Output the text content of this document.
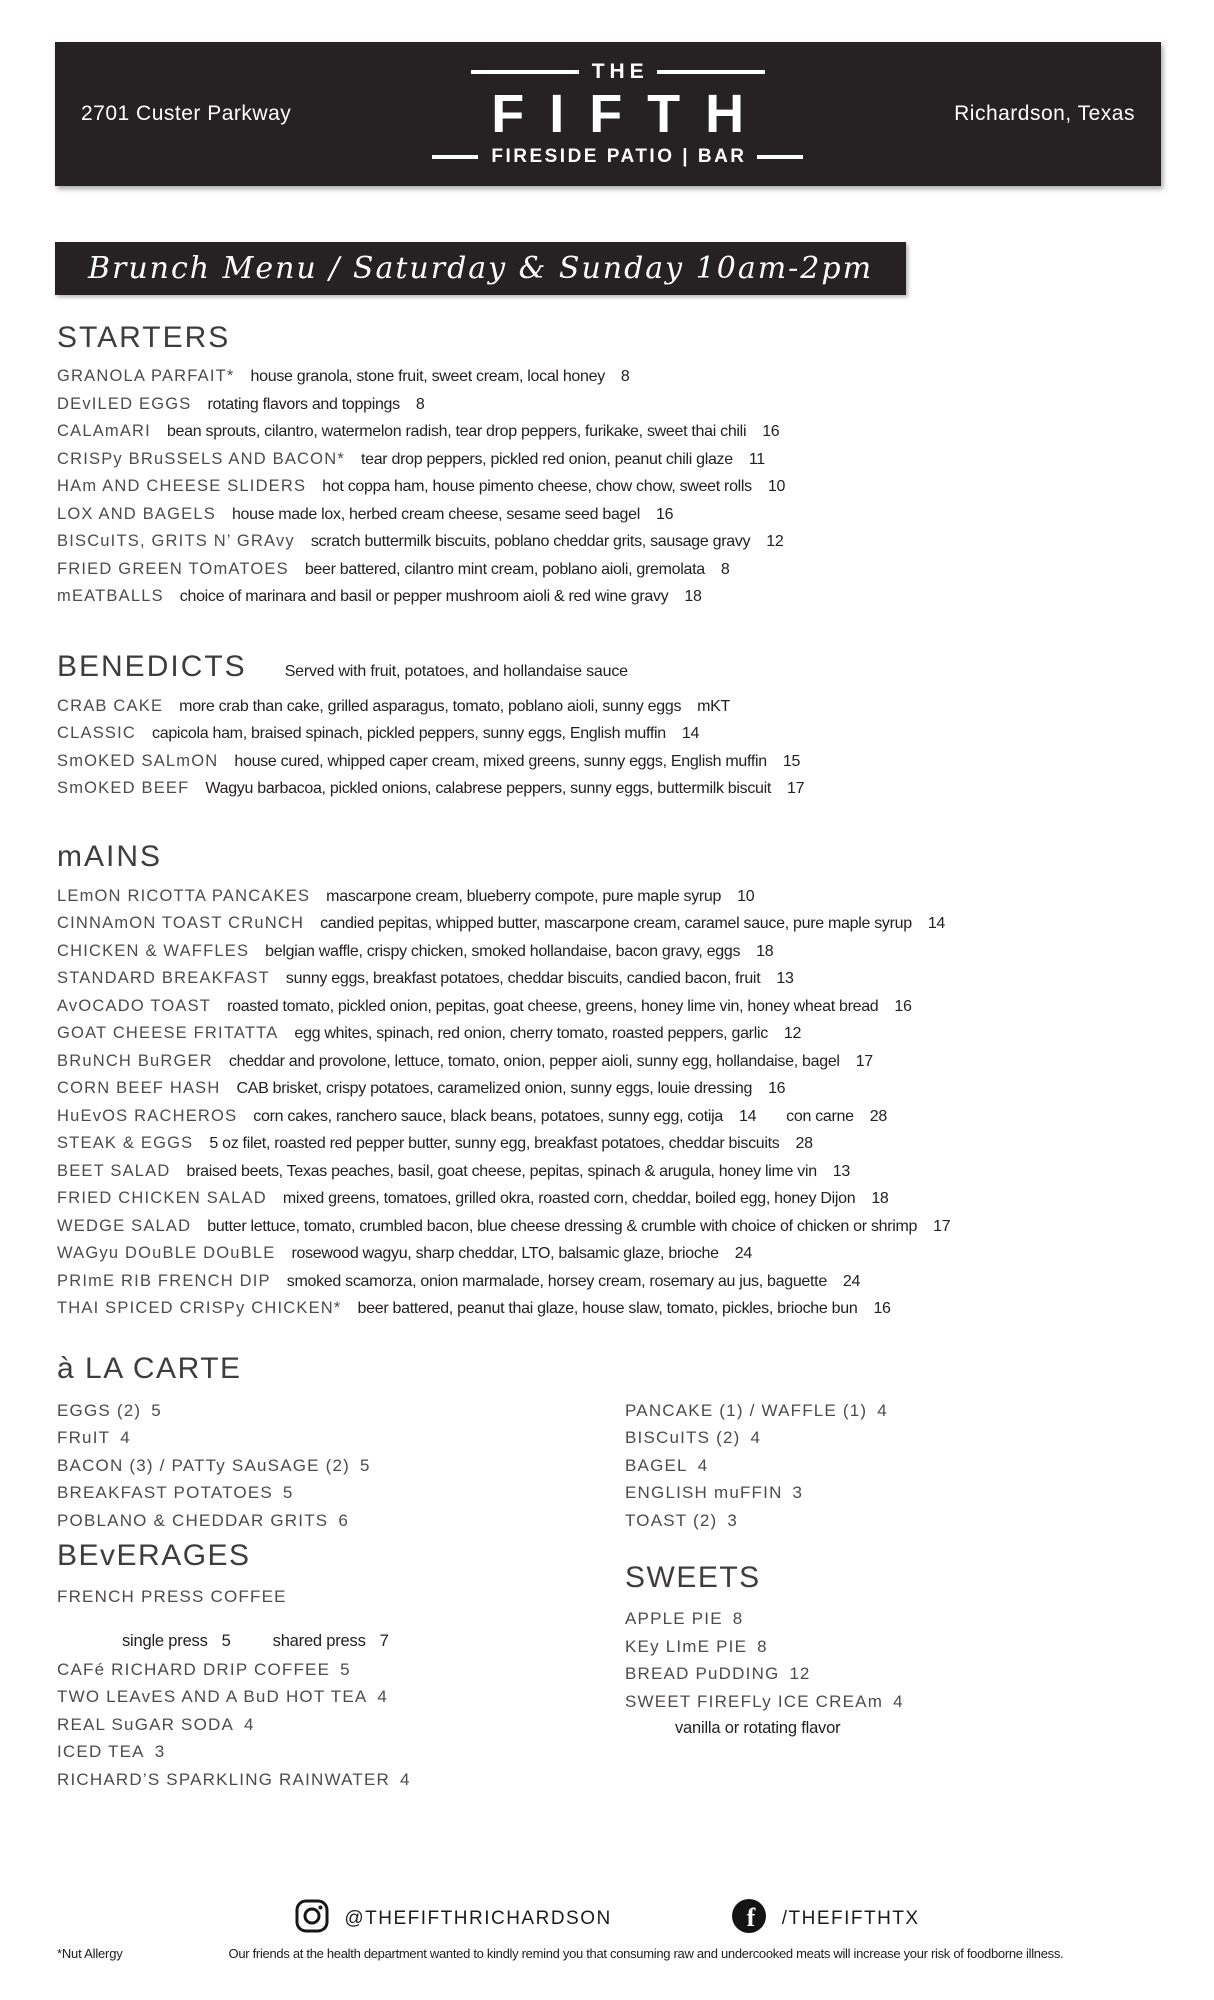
2701 Custer Parkway
THE
FIFTH
FIRESIDE PATIO | BAR
Richardson, Texas
Brunch Menu / Saturday & Sunday 10am-2pm
STARTERS
GRANOLA PARFAIT* house granola, stone fruit, sweet cream, local honey 8
DEvILED EGGS rotating flavors and toppings 8
CALAmARI bean sprouts, cilantro, watermelon radish, tear drop peppers, furikake, sweet thai chili 16
CRISPy BRuSSELS AND BACON* tear drop peppers, pickled red onion, peanut chili glaze 11
HAm AND CHEESE SLIDERS hot coppa ham, house pimento cheese, chow chow, sweet rolls 10
LOX AND BAGELS house made lox, herbed cream cheese, sesame seed bagel 16
BISCuITS, GRITS N’ GRAvy scratch buttermilk biscuits, poblano cheddar grits, sausage gravy 12
FRIED GREEN TOmATOES beer battered, cilantro mint cream, poblano aioli, gremolata 8
mEATBALLS choice of marinara and basil or pepper mushroom aioli & red wine gravy 18
BENEDICTS Served with fruit, potatoes, and hollandaise sauce
CRAB CAKE more crab than cake, grilled asparagus, tomato, poblano aioli, sunny eggs mKT
CLASSIC capicola ham, braised spinach, pickled peppers, sunny eggs, English muffin 14
SmOKED SALmON house cured, whipped caper cream, mixed greens, sunny eggs, English muffin 15
SmOKED BEEF Wagyu barbacoa, pickled onions, calabrese peppers, sunny eggs, buttermilk biscuit 17
mAINS
LEmON RICOTTA PANCAKES mascarpone cream, blueberry compote, pure maple syrup 10
CINNAmON TOAST CRuNCH candied pepitas, whipped butter, mascarpone cream, caramel sauce, pure maple syrup 14
CHICKEN & WAFFLES belgian waffle, crispy chicken, smoked hollandaise, bacon gravy, eggs 18
STANDARD BREAKFAST sunny eggs, breakfast potatoes, cheddar biscuits, candied bacon, fruit 13
AvOCADO TOAST roasted tomato, pickled onion, pepitas, goat cheese, greens, honey lime vin, honey wheat bread 16
GOAT CHEESE FRITATTA egg whites, spinach, red onion, cherry tomato, roasted peppers, garlic 12
BRuNCH BuRGER cheddar and provolone, lettuce, tomato, onion, pepper aioli, sunny egg, hollandaise, bagel 17
CORN BEEF HASH CAB brisket, crispy potatoes, caramelized onion, sunny eggs, louie dressing 16
HuEvOS RACHEROS corn cakes, ranchero sauce, black beans, potatoes, sunny egg, cotija 14 con carne 28
STEAK & EGGS 5 oz filet, roasted red pepper butter, sunny egg, breakfast potatoes, cheddar biscuits 28
BEET SALAD braised beets, Texas peaches, basil, goat cheese, pepitas, spinach & arugula, honey lime vin 13
FRIED CHICKEN SALAD mixed greens, tomatoes, grilled okra, roasted corn, cheddar, boiled egg, honey Dijon 18
WEDGE SALAD butter lettuce, tomato, crumbled bacon, blue cheese dressing & crumble with choice of chicken or shrimp 17
WAGyu DOuBLE DOuBLE rosewood wagyu, sharp cheddar, LTO, balsamic glaze, brioche 24
PRImE RIB FRENCH DIP smoked scamorza, onion marmalade, horsey cream, rosemary au jus, baguette 24
THAI SPICED CRISPy CHICKEN* beer battered, peanut thai glaze, house slaw, tomato, pickles, brioche bun 16
à LA CARTE
EGGS (2) 5
FRuIT 4
BACON (3) / PATTy SAuSAGE (2) 5
BREAKFAST POTATOES 5
POBLANO & CHEDDAR GRITS 6
PANCAKE (1) / WAFFLE (1) 4
BISCuITS (2) 4
BAGEL 4
ENGLISH muFFIN 3
TOAST (2) 3
BEvERAGES
FRENCH PRESS COFFEE
single press 5	shared press 7
CAFé RICHARD DRIP COFFEE 5
TWO LEAvES AND A BuD HOT TEA 4
REAL SuGAR SODA 4
ICED TEA 3
RICHARD’S SPARKLING RAINWATER 4
SWEETS
APPLE PIE 8
KEy LImE PIE 8
BREAD PuDDING 12
SWEET FIREFLy ICE CREAm 4
vanilla or rotating flavor
@THEFIFTHRICHARDSON	f /THEFIFTHTX
*Nut Allergy	Our friends at the health department wanted to kindly remind you that consuming raw and undercooked meats will increase your risk of foodborne illness.
